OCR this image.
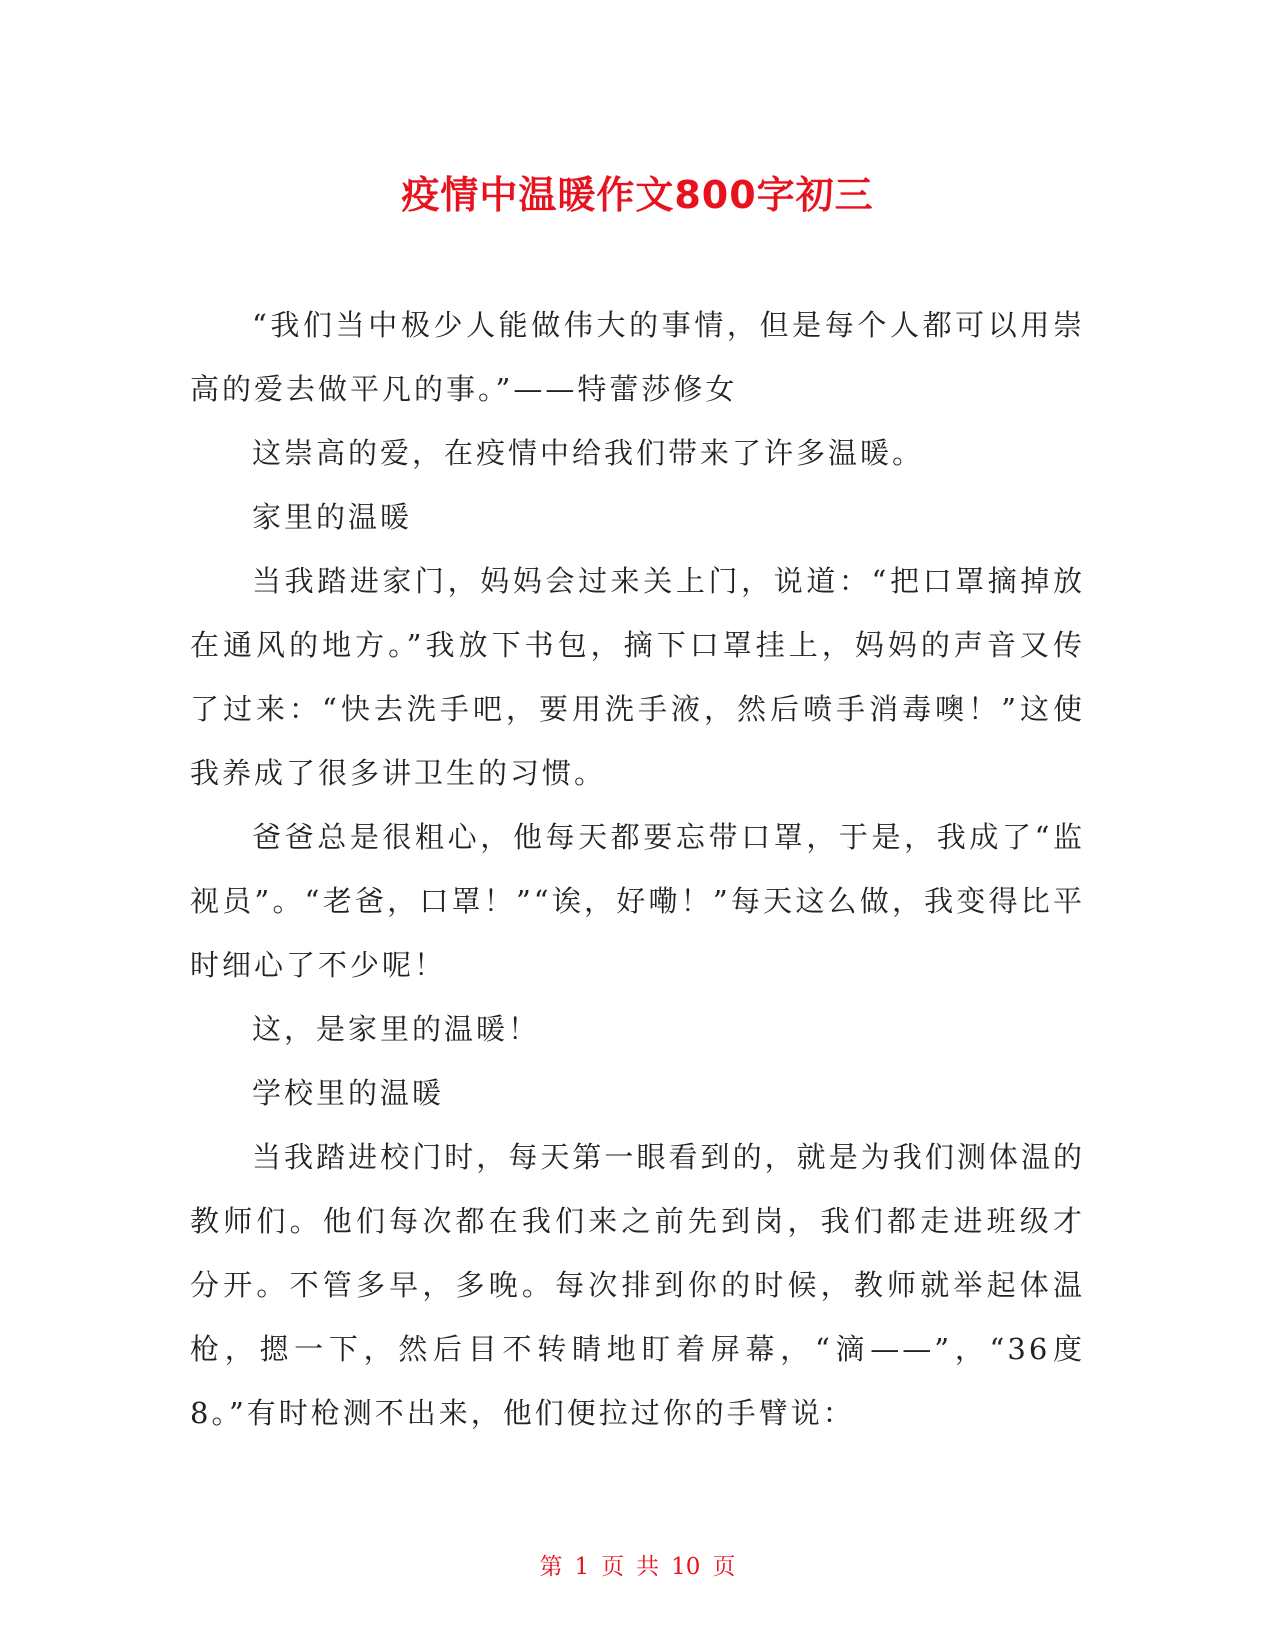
疫情中温暖作文800字初三

“我们当中极少人能做伟大的事情，但是每个人都可以用崇高的爱去做平凡的事。”——特蕾莎修女

这崇高的爱，在疫情中给我们带来了许多温暖。

家里的温暖

当我踏进家门，妈妈会过来关上门，说道：“把口罩摘掉放在通风的地方。”我放下书包，摘下口罩挂上，妈妈的声音又传了过来：“快去洗手吧，要用洗手液，然后喷手消毒噢！”这使我养成了很多讲卫生的习惯。

爸爸总是很粗心，他每天都要忘带口罩，于是，我成了“监视员”。“老爸，口罩！”“诶，好嘞！”每天这么做，我变得比平时细心了不少呢！

这，是家里的温暖！

学校里的温暖

当我踏进校门时，每天第一眼看到的，就是为我们测体温的教师们。他们每次都在我们来之前先到岗，我们都走进班级才分开。不管多早，多晚。每次排到你的时候，教师就举起体温枪，摁一下，然后目不转睛地盯着屏幕，“滴——”，“36度8。”有时枪测不出来，他们便拉过你的手臂说：

第 1 页 共 10 页
